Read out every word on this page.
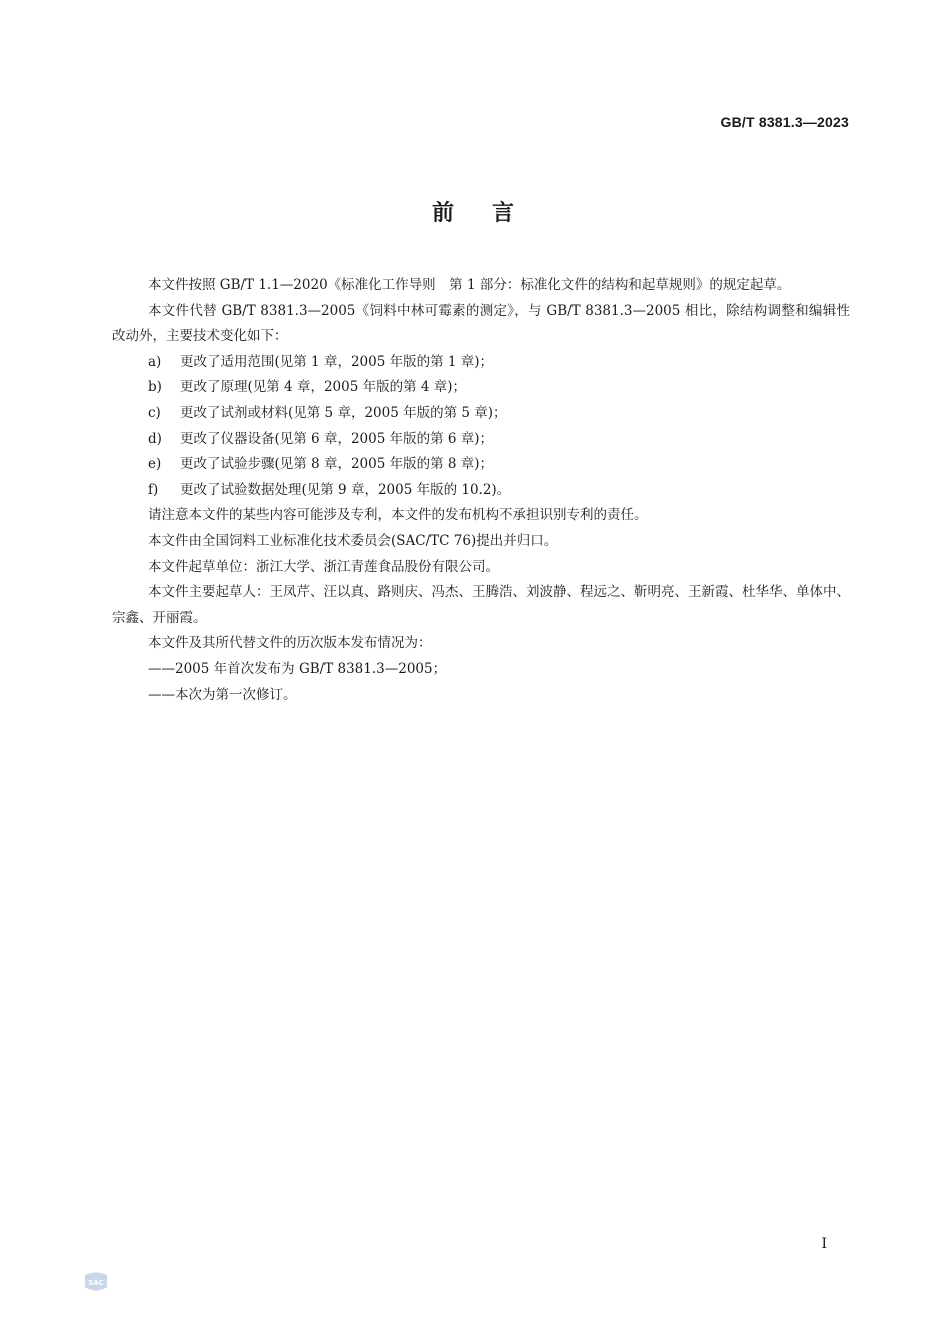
GB/T 8381.3—2023
前言

本文件按照 GB/T 1.1—2020《标准化工作导则　第 1 部分：标准化文件的结构和起草规则》的规定起草。

本文件代替 GB/T 8381.3—2005《饲料中林可霉素的测定》，与 GB/T 8381.3—2005 相比，除结构调整和编辑性改动外，主要技术变化如下：

a)	更改了适用范围(见第 1 章，2005 年版的第 1 章)；
b)	更改了原理(见第 4 章，2005 年版的第 4 章)；
c)	更改了试剂或材料(见第 5 章，2005 年版的第 5 章)；
d)	更改了仪器设备(见第 6 章，2005 年版的第 6 章)；
e)	更改了试验步骤(见第 8 章，2005 年版的第 8 章)；
f)	更改了试验数据处理(见第 9 章，2005 年版的 10.2)。

请注意本文件的某些内容可能涉及专利，本文件的发布机构不承担识别专利的责任。

本文件由全国饲料工业标准化技术委员会(SAC/TC 76)提出并归口。

本文件起草单位：浙江大学、浙江青莲食品股份有限公司。

本文件主要起草人：王凤芹、汪以真、路则庆、冯杰、王腾浩、刘波静、程远之、靳明亮、王新霞、杜华华、单体中、宗鑫、开丽霞。

本文件及其所代替文件的历次版本发布情况为：

——2005 年首次发布为 GB/T 8381.3—2005；

——本次为第一次修订。

I
SAC
